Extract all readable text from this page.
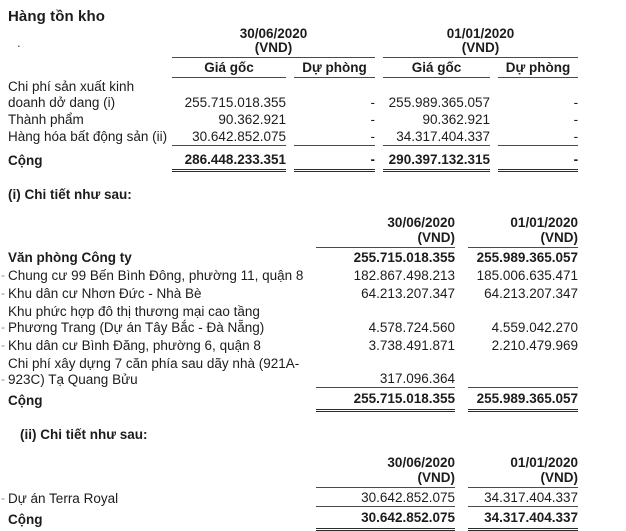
Hàng tồn kho
.

30/06/2020
(VND)

01/01/2020
(VND)

	Giá gốc		Dự phòng		Giá gốc		Dự phòng
Chi phí sản xuất kinh doanh dở dang (i)	255.715.018.355		-		255.989.365.057		-
Thành phẩm	90.362.921		-		90.362.921		-
Hàng hóa bất động sản (ii)	30.642.852.075		-		34.317.404.337		-
Cộng	286.448.233.351		-		290.397.132.315		-
(i) Chi tiết như sau:

30/06/2020
(VND)

01/01/2020
(VND)

Văn phòng Công ty	255.715.018.355		255.989.365.057

- Chung cư 99 Bến Bình Đông, phường 11, quận 8	182.867.498.213		185.006.635.471

- Khu dân cư Nhơn Đức - Nhà Bè	64.213.207.347		64.213.207.347

-
Khu phức hợp đô thị thương mại cao tầng Phương Trang (Dự án Tây Bắc - Đà Nẵng)	4.578.724.560		4.559.042.270

- Khu dân cư Bình Đăng, phường 6, quận 8	3.738.491.871		2.210.479.969

-
Chi phí xây dựng 7 căn phía sau dãy nhà (921A-923C) Tạ Quang Bửu	317.096.364		
Cộng	255.715.018.355		255.989.365.057
(ii) Chi tiết như sau:

30/06/2020
(VND)

01/01/2020
(VND)

- Dự án Terra Royal	30.642.852.075		34.317.404.337
Cộng	30.642.852.075		34.317.404.337
